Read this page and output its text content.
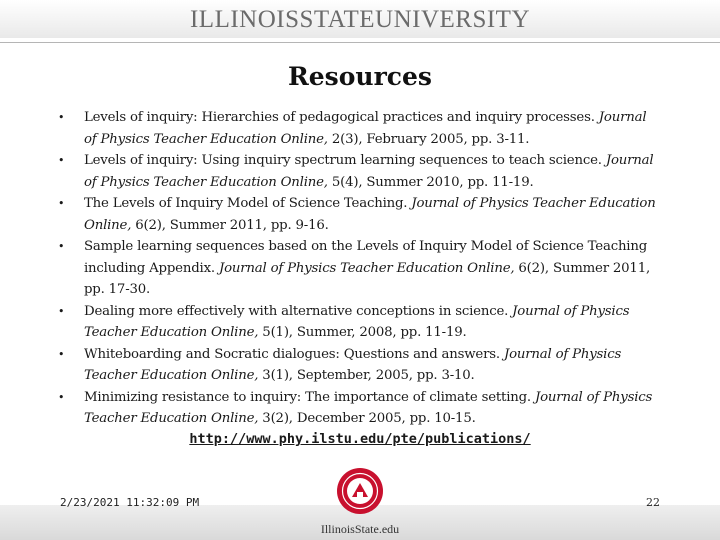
ILLINOISSTATEUNIVERSITY
Resources
• Levels of inquiry: Hierarchies of pedagogical practices and inquiry processes. Journal of Physics Teacher Education Online, 2(3), February 2005, pp. 3-11.
• Levels of inquiry: Using inquiry spectrum learning sequences to teach science. Journal of Physics Teacher Education Online, 5(4), Summer 2010, pp. 11-19.
• The Levels of Inquiry Model of Science Teaching. Journal of Physics Teacher Education Online, 6(2), Summer 2011, pp. 9-16.
• Sample learning sequences based on the Levels of Inquiry Model of Science Teaching including Appendix. Journal of Physics Teacher Education Online, 6(2), Summer 2011, pp. 17-30.
• Dealing more effectively with alternative conceptions in science. Journal of Physics Teacher Education Online, 5(1), Summer, 2008, pp. 11-19.
• Whiteboarding and Socratic dialogues: Questions and answers. Journal of Physics Teacher Education Online, 3(1), September, 2005, pp. 3-10.
• Minimizing resistance to inquiry: The importance of climate setting. Journal of Physics Teacher Education Online, 3(2), December 2005, pp. 10-15.
http://www.phy.ilstu.edu/pte/publications/
2/23/2021 11:32:09 PM	22
IllinoisState.edu
